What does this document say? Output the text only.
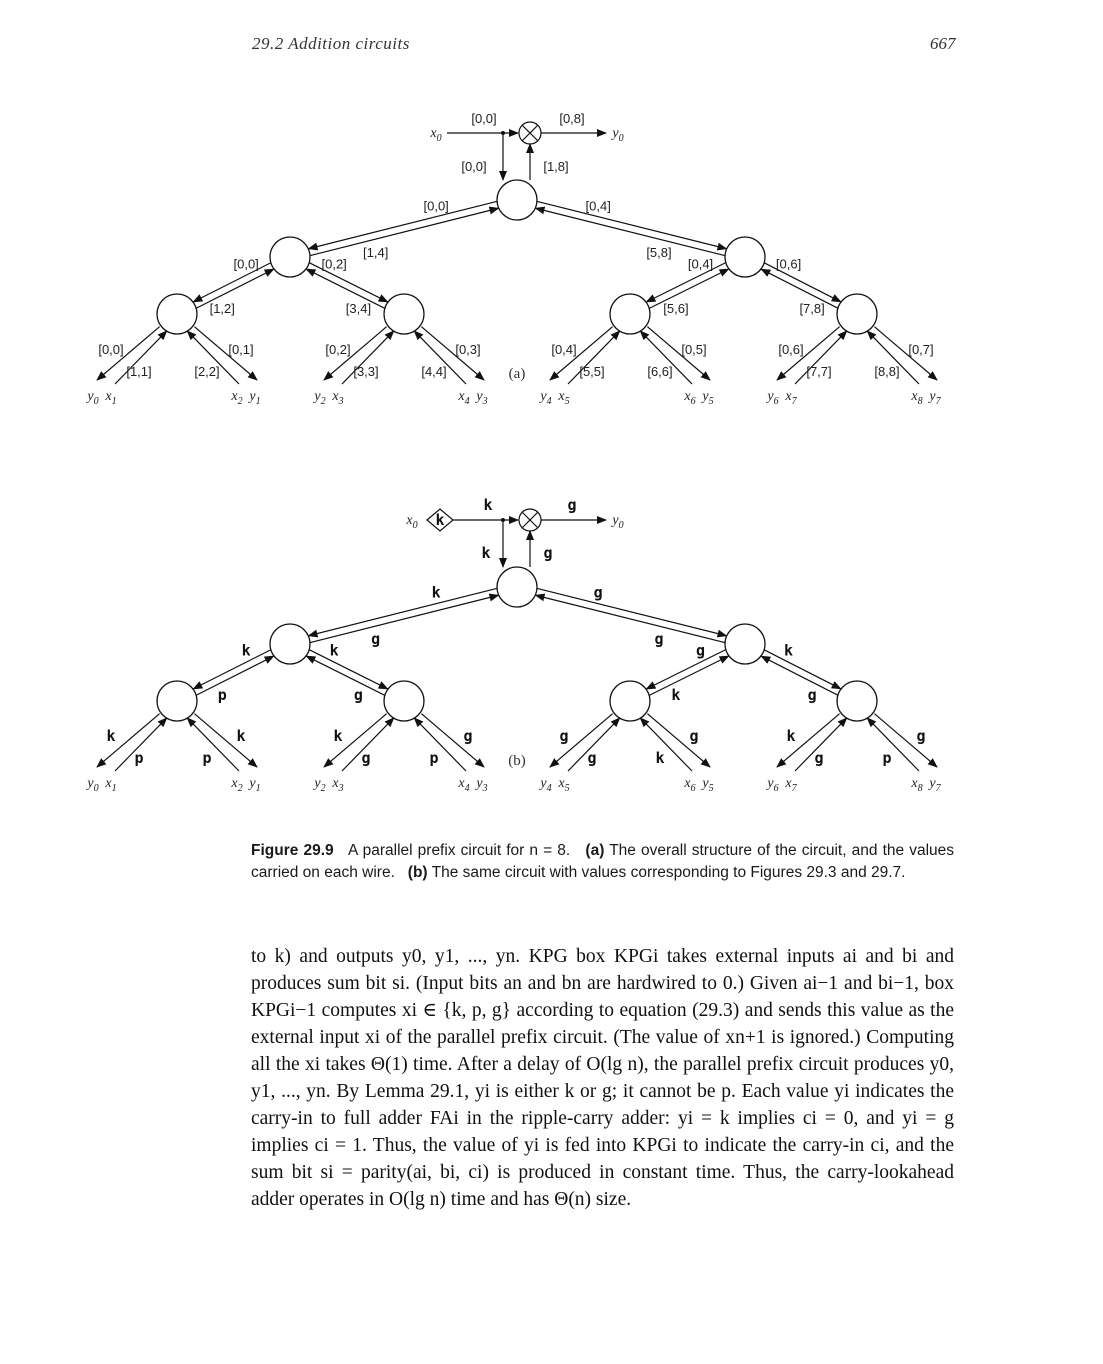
29.2 Addition circuits	667
$x_0$	$y_0$
[0,0]	[0,8]
[0,0]	[1,8]
[0,0]
[1,4]
[0,4]
[5,8]
[0,0]
[1,2]
[0,2]
[3,4]
[0,4]
[5,6]
[0,6]
[7,8]
[0,0]
[1,1]	[2,2]
[0,1]
$y_0$ $x_1$	$x_2$ $y_1$
[0,2]
[3,3]	[4,4]
[0,3]
$y_2$ $x_3$	$x_4$ $y_3$
[0,4]
[5,5]	[6,6]
[0,5]
$y_4$ $x_5$	$x_6$ $y_5$
[0,6]
[7,7]	[8,8]
[0,7]
$y_6$ $x_7$	$x_8$ $y_7$
(a)
k
$x_0$	$y_0$
k	g
k	g
k
g
g
g
k
p
k
g
g
k
k
g
k
p	p
k
$y_0$ $x_1$	$x_2$ $y_1$
k
g	p
g
$y_2$ $x_3$	$x_4$ $y_3$
g
g	k
g
$y_4$ $x_5$	$x_6$ $y_5$
k
g	p
g
$y_6$ $x_7$	$x_8$ $y_7$
(b)
Figure 29.9 A parallel prefix circuit for n = 8. (a) The overall structure of the circuit, and the values carried on each wire. (b) The same circuit with values corresponding to Figures 29.3 and 29.7.

to k) and outputs y0, y1, ..., yn. KPG box KPGi takes external inputs ai and bi and produces sum bit si. (Input bits an and bn are hardwired to 0.) Given ai−1 and bi−1, box KPGi−1 computes xi ∈ {k, p, g} according to equation (29.3) and sends this value as the external input xi of the parallel prefix circuit. (The value of xn+1 is ignored.) Computing all the xi takes Θ(1) time. After a delay of O(lg n), the parallel prefix circuit produces y0, y1, ..., yn. By Lemma 29.1, yi is either k or g; it cannot be p. Each value yi indicates the carry-in to full adder FAi in the ripple-carry adder: yi = k implies ci = 0, and yi = g implies ci = 1. Thus, the value of yi is fed into KPGi to indicate the carry-in ci, and the sum bit si = parity(ai, bi, ci) is produced in constant time. Thus, the carry-lookahead adder operates in O(lg n) time and has Θ(n) size.
